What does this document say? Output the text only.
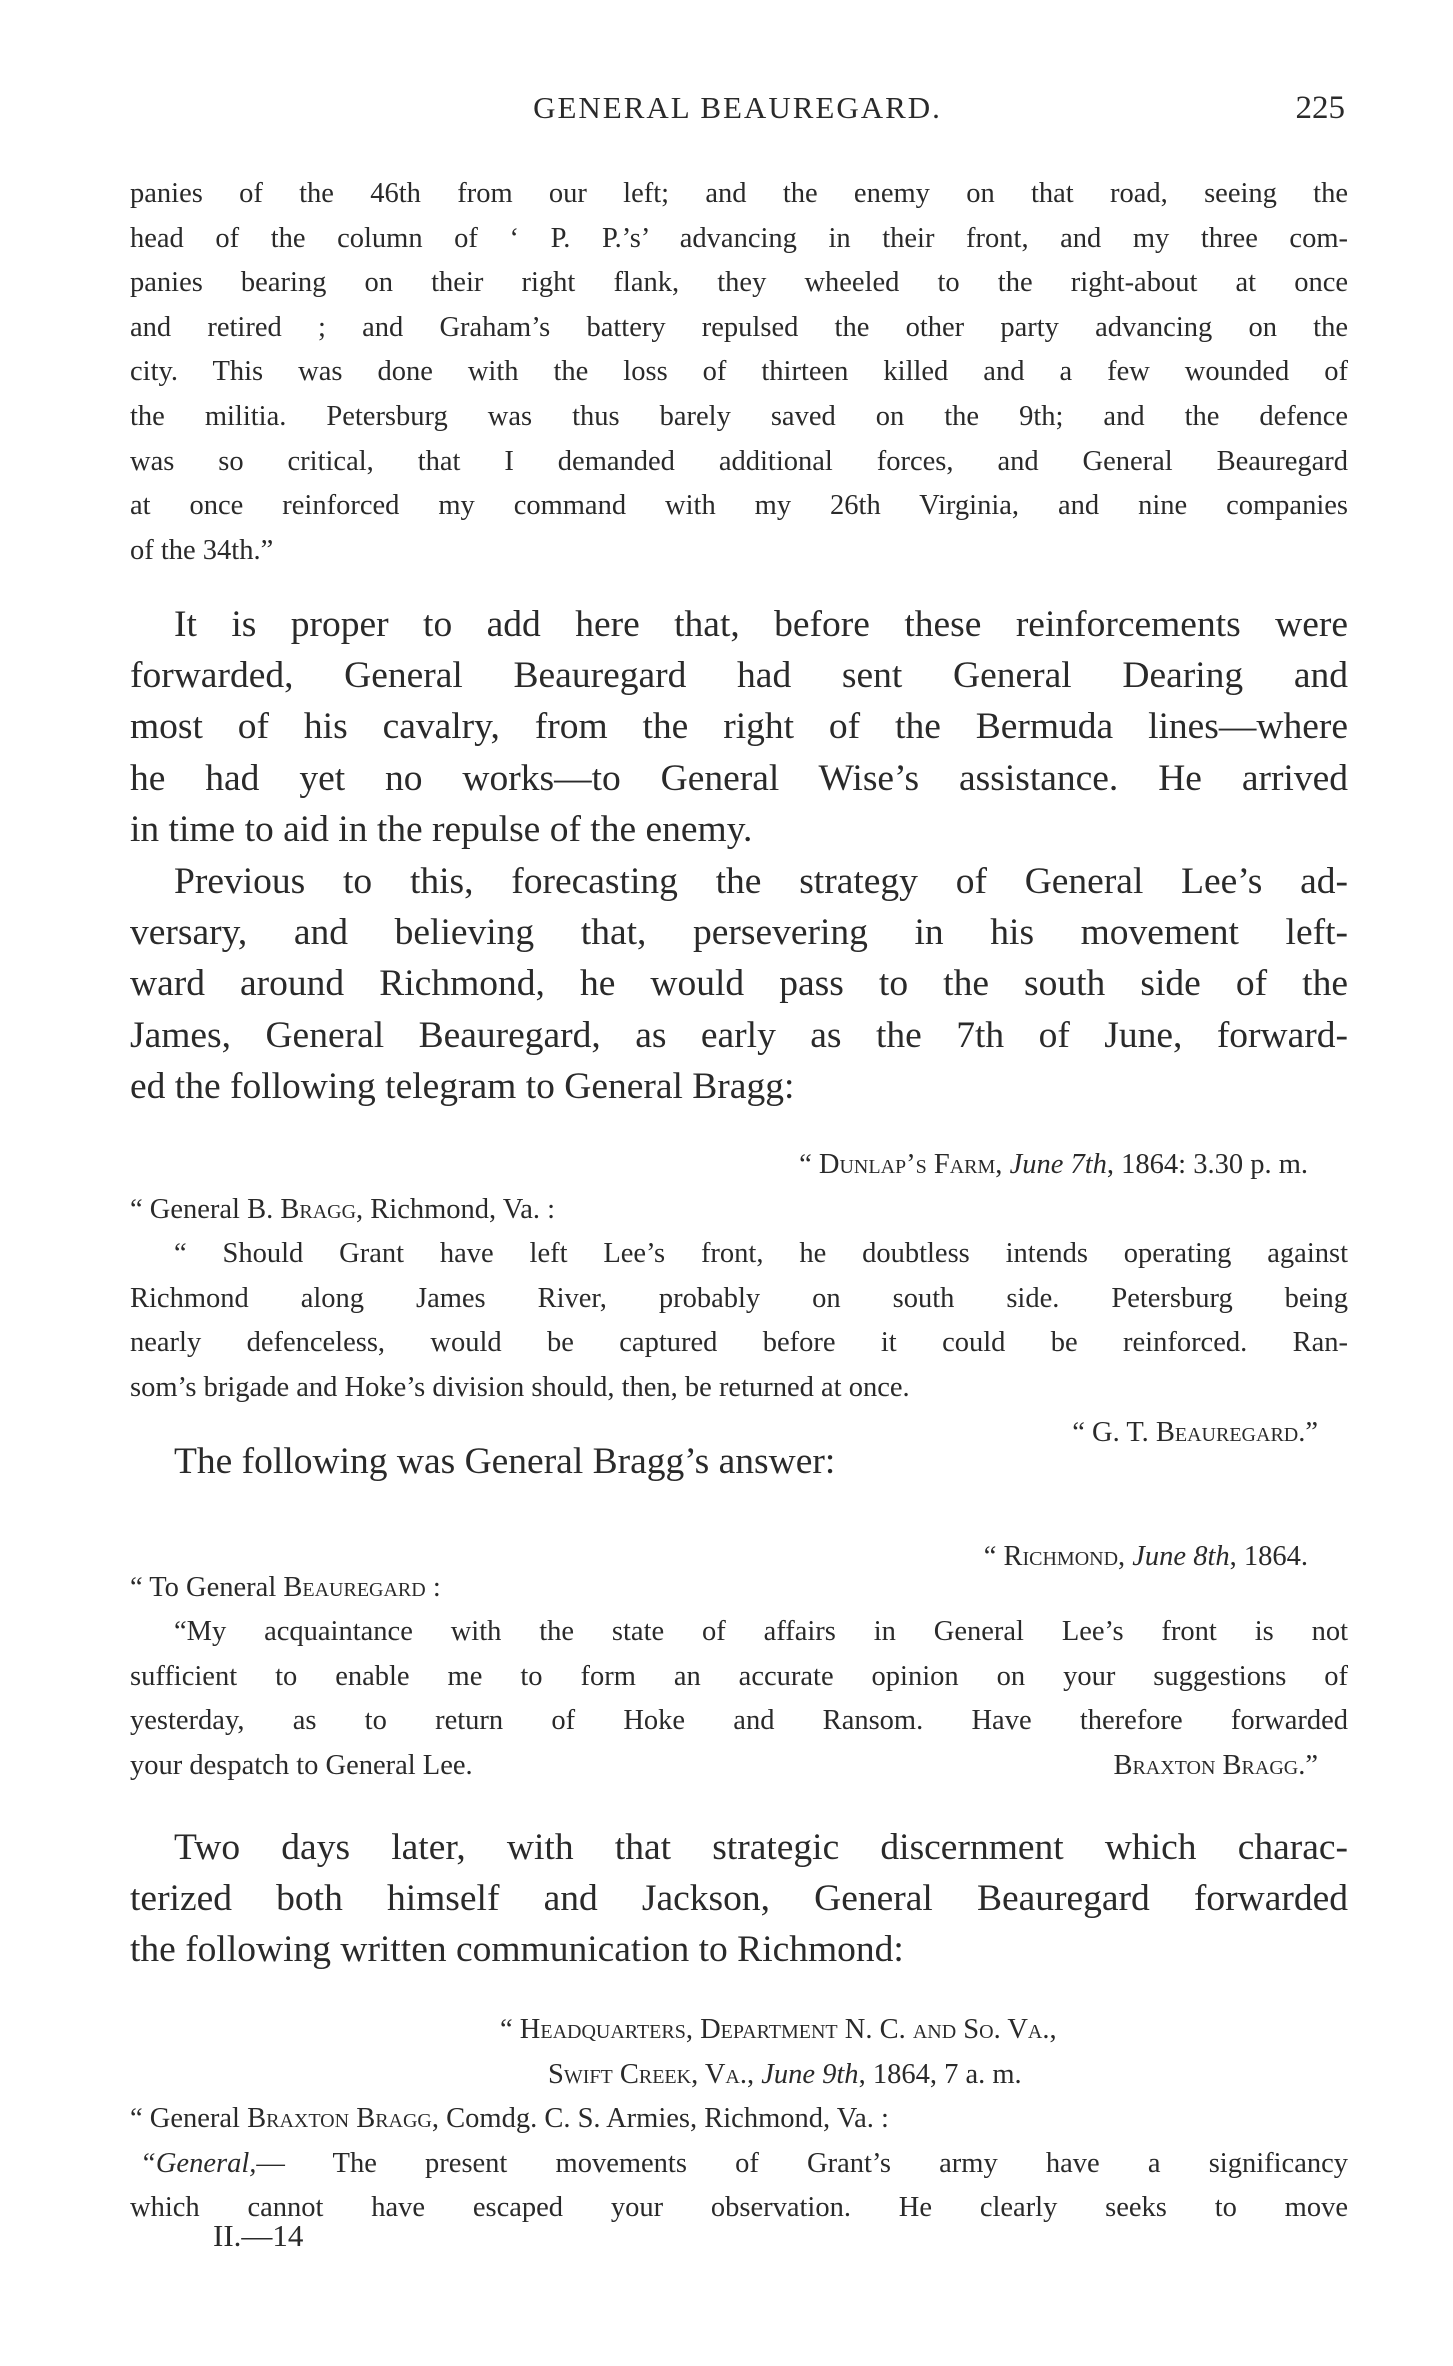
GENERAL BEAUREGARD.	225
panies of the 46th from our left; and the enemy on that road, seeing the
head of the column of ‘ P. P.’s’ advancing in their front, and my three com-
panies bearing on their right flank, they wheeled to the right-about at once
and retired ; and Graham’s battery repulsed the other party advancing on the
city. This was done with the loss of thirteen killed and a few wounded of
the militia. Petersburg was thus barely saved on the 9th; and the defence
was so critical, that I demanded additional forces, and General Beauregard
at once reinforced my command with my 26th Virginia, and nine companies
of the 34th.”
It is proper to add here that, before these reinforcements were
forwarded, General Beauregard had sent General Dearing and
most of his cavalry, from the right of the Bermuda lines—where
he had yet no works—to General Wise’s assistance. He arrived
in time to aid in the repulse of the enemy.
Previous to this, forecasting the strategy of General Lee’s ad-
versary, and believing that, persevering in his movement left-
ward around Richmond, he would pass to the south side of the
James, General Beauregard, as early as the 7th of June, forward-
ed the following telegram to General Bragg:
“ Dunlap’s Farm, June 7th, 1864: 3.30 p. m.
“ General B. Bragg, Richmond, Va. :
“ Should Grant have left Lee’s front, he doubtless intends operating against
Richmond along James River, probably on south side. Petersburg being
nearly defenceless, would be captured before it could be reinforced. Ran-
som’s brigade and Hoke’s division should, then, be returned at once.
“ G. T. Beauregard.”
The following was General Bragg’s answer:
“ Richmond, June 8th, 1864.
“ To General Beauregard :
“My acquaintance with the state of affairs in General Lee’s front is not
sufficient to enable me to form an accurate opinion on your suggestions of
yesterday, as to return of Hoke and Ransom. Have therefore forwarded
your despatch to General Lee.	Braxton Bragg.”
Two days later, with that strategic discernment which charac-
terized both himself and Jackson, General Beauregard forwarded
the following written communication to Richmond:
“ Headquarters, Department N. C. and So. Va.,
Swift Creek, Va., June 9th, 1864, 7 a. m.
“ General Braxton Bragg, Comdg. C. S. Armies, Richmond, Va. :
“General,— The present movements of Grant’s army have a significancy
which cannot have escaped your observation. He clearly seeks to move
II.—14
